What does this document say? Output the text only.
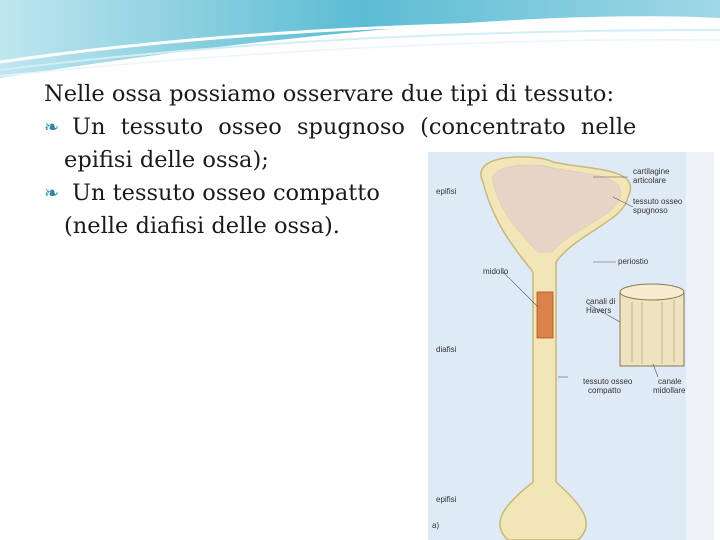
Nelle ossa possiamo osservare due tipi di tessuto:

❧ Un tessuto osseo spugnoso (concentrato nelle

epifisi delle ossa);

❧ Un tessuto osseo compatto

(nelle diafisi delle ossa).

epifisi
cartilagine articolare
tessuto osseo spugnoso
midollo
periostio
canali di Havers
diafisi
tessuto osseo compatto
canale midollare
epifisi
a)
